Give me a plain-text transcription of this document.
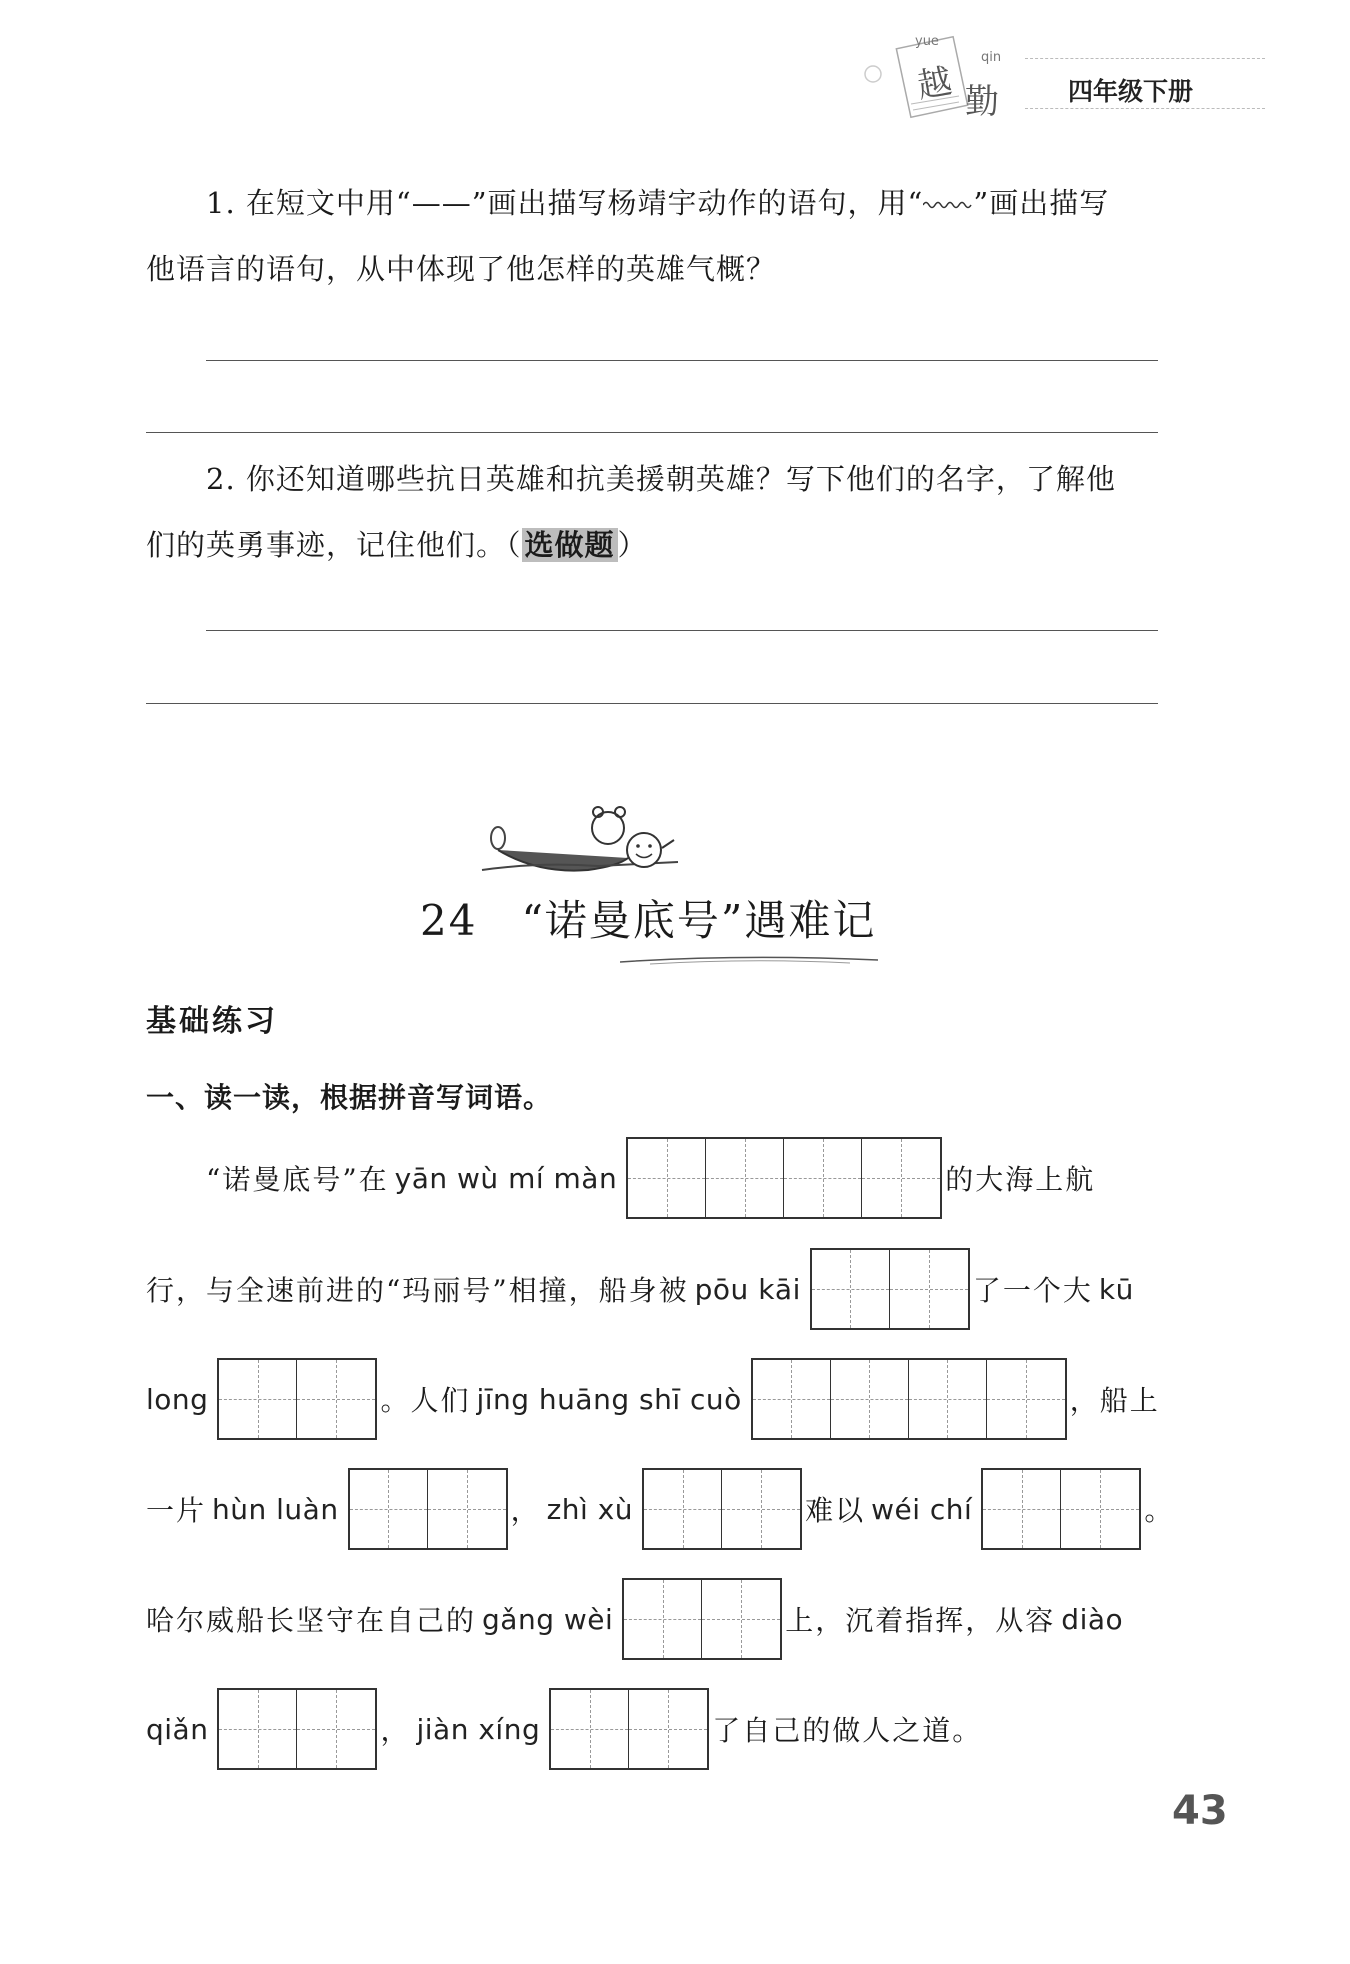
yue
越
qin
勤	四年级下册
1. 在短文中用“——”画出描写杨靖宇动作的语句，用“ ”画出描写
他语言的语句，从中体现了他怎样的英雄气概？
2. 你还知道哪些抗日英雄和抗美援朝英雄？写下他们的名字，了解他
们的英勇事迹，记住他们。（ 选做题 ）
24 “诺曼底号”遇难记
基础练习
一、读一读，根据拼音写词语。
“诺曼底号”在 yān wù mí màn	的大海上航
行，与全速前进的“玛丽号”相撞，船身被 pōu kāi	了一个大 kū
long	。人们 jīng huāng shī cuò	，船上
一片 hùn luàn	， zhì xù	难以 wéi chí	。
哈尔威船长坚守在自己的 gǎng wèi	上，沉着指挥，从容 diào
qiǎn	， jiàn xíng	了自己的做人之道。
43
